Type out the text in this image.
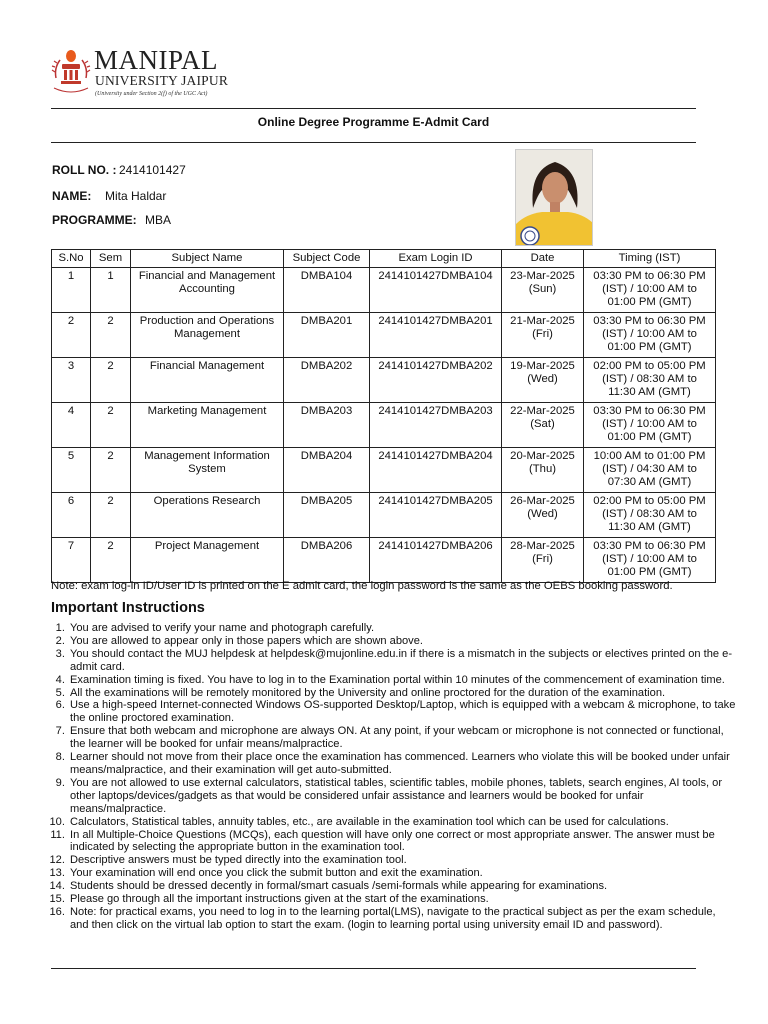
MANIPAL
UNIVERSITY JAIPUR
(University under Section 2(f) of the UGC Act)
Online Degree Programme E-Admit Card
ROLL NO. : 2414101427
NAME: Mita Haldar
PROGRAMME: MBA
S.No	Sem	Subject Name	Subject Code	Exam Login ID	Date	Timing (IST)
1	1	Financial and Management Accounting	DMBA104	2414101427DMBA104	23-Mar-2025 (Sun)	03:30 PM to 06:30 PM (IST) / 10:00 AM to 01:00 PM (GMT)
2	2	Production and Operations Management	DMBA201	2414101427DMBA201	21-Mar-2025 (Fri)	03:30 PM to 06:30 PM (IST) / 10:00 AM to 01:00 PM (GMT)
3	2	Financial Management	DMBA202	2414101427DMBA202	19-Mar-2025 (Wed)	02:00 PM to 05:00 PM (IST) / 08:30 AM to 11:30 AM (GMT)
4	2	Marketing Management	DMBA203	2414101427DMBA203	22-Mar-2025 (Sat)	03:30 PM to 06:30 PM (IST) / 10:00 AM to 01:00 PM (GMT)
5	2	Management Information System	DMBA204	2414101427DMBA204	20-Mar-2025 (Thu)	10:00 AM to 01:00 PM (IST) / 04:30 AM to 07:30 AM (GMT)
6	2	Operations Research	DMBA205	2414101427DMBA205	26-Mar-2025 (Wed)	02:00 PM to 05:00 PM (IST) / 08:30 AM to 11:30 AM (GMT)
7	2	Project Management	DMBA206	2414101427DMBA206	28-Mar-2025 (Fri)	03:30 PM to 06:30 PM (IST) / 10:00 AM to 01:00 PM (GMT)
Note: exam log-in ID/User ID is printed on the E admit card, the login password is the same as the OEBS booking password.
Important Instructions
1. You are advised to verify your name and photograph carefully.
2. You are allowed to appear only in those papers which are shown above.
3. You should contact the MUJ helpdesk at helpdesk@mujonline.edu.in if there is a mismatch in the subjects or electives printed on the e-admit card.
4. Examination timing is fixed. You have to log in to the Examination portal within 10 minutes of the commencement of examination time.
5. All the examinations will be remotely monitored by the University and online proctored for the duration of the examination.
6. Use a high-speed Internet-connected Windows OS-supported Desktop/Laptop, which is equipped with a webcam & microphone, to take the online proctored examination.
7. Ensure that both webcam and microphone are always ON. At any point, if your webcam or microphone is not connected or functional, the learner will be booked for unfair means/malpractice.
8. Learner should not move from their place once the examination has commenced. Learners who violate this will be booked under unfair means/malpractice, and their examination will get auto-submitted.
9. You are not allowed to use external calculators, statistical tables, scientific tables, mobile phones, tablets, search engines, AI tools, or other laptops/devices/gadgets as that would be considered unfair assistance and learners would be booked for unfair means/malpractice.
10. Calculators, Statistical tables, annuity tables, etc., are available in the examination tool which can be used for calculations.
11. In all Multiple-Choice Questions (MCQs), each question will have only one correct or most appropriate answer. The answer must be indicated by selecting the appropriate button in the examination tool.
12. Descriptive answers must be typed directly into the examination tool.
13. Your examination will end once you click the submit button and exit the examination.
14. Students should be dressed decently in formal/smart casuals /semi-formals while appearing for examinations.
15. Please go through all the important instructions given at the start of the examinations.
16. Note: for practical exams, you need to log in to the learning portal(LMS), navigate to the practical subject as per the exam schedule, and then click on the virtual lab option to start the exam. (login to learning portal using university email ID and password).
